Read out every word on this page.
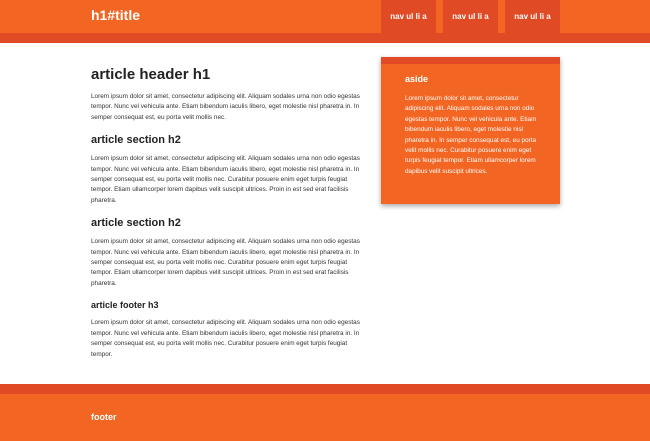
h1#title	nav ul li a	nav ul li a	nav ul li a
article header h1

Lorem ipsum dolor sit amet, consectetur adipiscing elit. Aliquam sodales urna non odio egestas tempor. Nunc vel vehicula ante. Etiam bibendum iaculis libero, eget molestie nisl pharetra in. In semper consequat est, eu porta velit mollis nec.

article section h2

Lorem ipsum dolor sit amet, consectetur adipiscing elit. Aliquam sodales urna non odio egestas tempor. Nunc vel vehicula ante. Etiam bibendum iaculis libero, eget molestie nisl pharetra in. In semper consequat est, eu porta velit mollis nec. Curabitur posuere enim eget turpis feugiat tempor. Etiam ullamcorper lorem dapibus velit suscipit ultrices. Proin in est sed erat facilisis pharetra.

article section h2

Lorem ipsum dolor sit amet, consectetur adipiscing elit. Aliquam sodales urna non odio egestas tempor. Nunc vel vehicula ante. Etiam bibendum iaculis libero, eget molestie nisl pharetra in. In semper consequat est, eu porta velit mollis nec. Curabitur posuere enim eget turpis feugiat tempor. Etiam ullamcorper lorem dapibus velit suscipit ultrices. Proin in est sed erat facilisis pharetra.

article footer h3

Lorem ipsum dolor sit amet, consectetur adipiscing elit. Aliquam sodales urna non odio egestas tempor. Nunc vel vehicula ante. Etiam bibendum iaculis libero, eget molestie nisl pharetra in. In semper consequat est, eu porta velit mollis nec. Curabitur posuere enim eget turpis feugiat tempor.

aside
Lorem ipsum dolor sit amet, consectetur adipiscing elit. Aliquam sodales urna non odio egestas tempor. Nunc vel vehicula ante. Etiam bibendum iaculis libero, eget molestie nisl pharetra in. In semper consequat est, eu porta velit mollis nec. Curabitur posuere enim eget turpis feugiat tempor. Etiam ullamcorper lorem dapibus velit suscipit ultrices.
footer
